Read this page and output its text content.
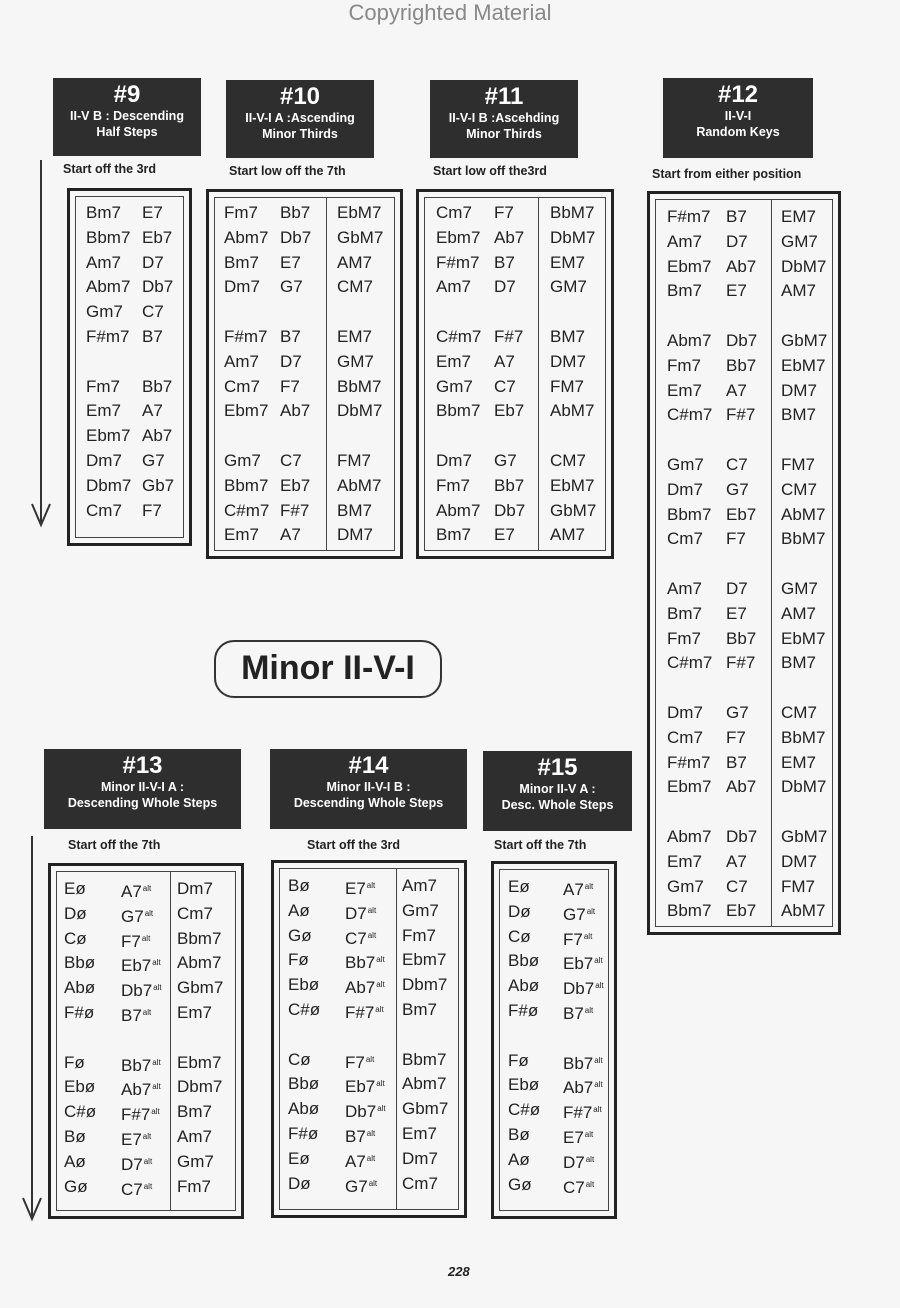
Copyrighted Material
#9
II-V B : Descending
Half Steps
Start off the 3rd
Bm7
Bbm7
Am7
Abm7
Gm7
F#m7
Fm7
Em7
Ebm7
Dm7
Dbm7
Cm7
E7
Eb7
D7
Db7
C7
B7
Bb7
A7
Ab7
G7
Gb7
F7
#10
II-V-I A :Ascending
Minor Thirds
Start low off the 7th
Fm7
Abm7
Bm7
Dm7
F#m7
Am7
Cm7
Ebm7
Gm7
Bbm7
C#m7
Em7
Bb7
Db7
E7
G7
B7
D7
F7
Ab7
C7
Eb7
F#7
A7
EbM7
GbM7
AM7
CM7
EM7
GM7
BbM7
DbM7
FM7
AbM7
BM7
DM7
#11
II-V-I B :Ascehding
Minor Thirds
Start low off the3rd
Cm7
Ebm7
F#m7
Am7
C#m7
Em7
Gm7
Bbm7
Dm7
Fm7
Abm7
Bm7
F7
Ab7
B7
D7
F#7
A7
C7
Eb7
G7
Bb7
Db7
E7
BbM7
DbM7
EM7
GM7
BM7
DM7
FM7
AbM7
CM7
EbM7
GbM7
AM7
#12
II-V-I
Random Keys
Start from either position
F#m7
Am7
Ebm7
Bm7
Abm7
Fm7
Em7
C#m7
Gm7
Dm7
Bbm7
Cm7
Am7
Bm7
Fm7
C#m7
Dm7
Cm7
F#m7
Ebm7
Abm7
Em7
Gm7
Bbm7
B7
D7
Ab7
E7
Db7
Bb7
A7
F#7
C7
G7
Eb7
F7
D7
E7
Bb7
F#7
G7
F7
B7
Ab7
Db7
A7
C7
Eb7
EM7
GM7
DbM7
AM7
GbM7
EbM7
DM7
BM7
FM7
CM7
AbM7
BbM7
GM7
AM7
EbM7
BM7
CM7
BbM7
EM7
DbM7
GbM7
DM7
FM7
AbM7
Minor II-V-I
#13
Minor II-V-I A :
Descending Whole Steps
Start off the 7th
Eø
Dø
Cø
Bbø
Abø
F#ø
Fø
Ebø
C#ø
Bø
Aø
Gø
$A7^{alt}$
$G7^{alt}$
$F7^{alt}$
$Eb7^{alt}$
$Db7^{alt}$
$B7^{alt}$
$Bb7^{alt}$
$Ab7^{alt}$
$F\#7^{alt}$
$E7^{alt}$
$D7^{alt}$
$C7^{alt}$
Dm7
Cm7
Bbm7
Abm7
Gbm7
Em7
Ebm7
Dbm7
Bm7
Am7
Gm7
Fm7
#14
Minor II-V-I B :
Descending Whole Steps
Start off the 3rd
Bø
Aø
Gø
Fø
Ebø
C#ø
Cø
Bbø
Abø
F#ø
Eø
Dø
$E7^{alt}$
$D7^{alt}$
$C7^{alt}$
$Bb7^{alt}$
$Ab7^{alt}$
$F\#7^{alt}$
$F7^{alt}$
$Eb7^{alt}$
$Db7^{alt}$
$B7^{alt}$
$A7^{alt}$
$G7^{alt}$
Am7
Gm7
Fm7
Ebm7
Dbm7
Bm7
Bbm7
Abm7
Gbm7
Em7
Dm7
Cm7
#15
Minor II-V A :
Desc. Whole Steps
Start off the 7th
Eø
Dø
Cø
Bbø
Abø
F#ø
Fø
Ebø
C#ø
Bø
Aø
Gø
$A7^{alt}$
$G7^{alt}$
$F7^{alt}$
$Eb7^{alt}$
$Db7^{alt}$
$B7^{alt}$
$Bb7^{alt}$
$Ab7^{alt}$
$F\#7^{alt}$
$E7^{alt}$
$D7^{alt}$
$C7^{alt}$
228
